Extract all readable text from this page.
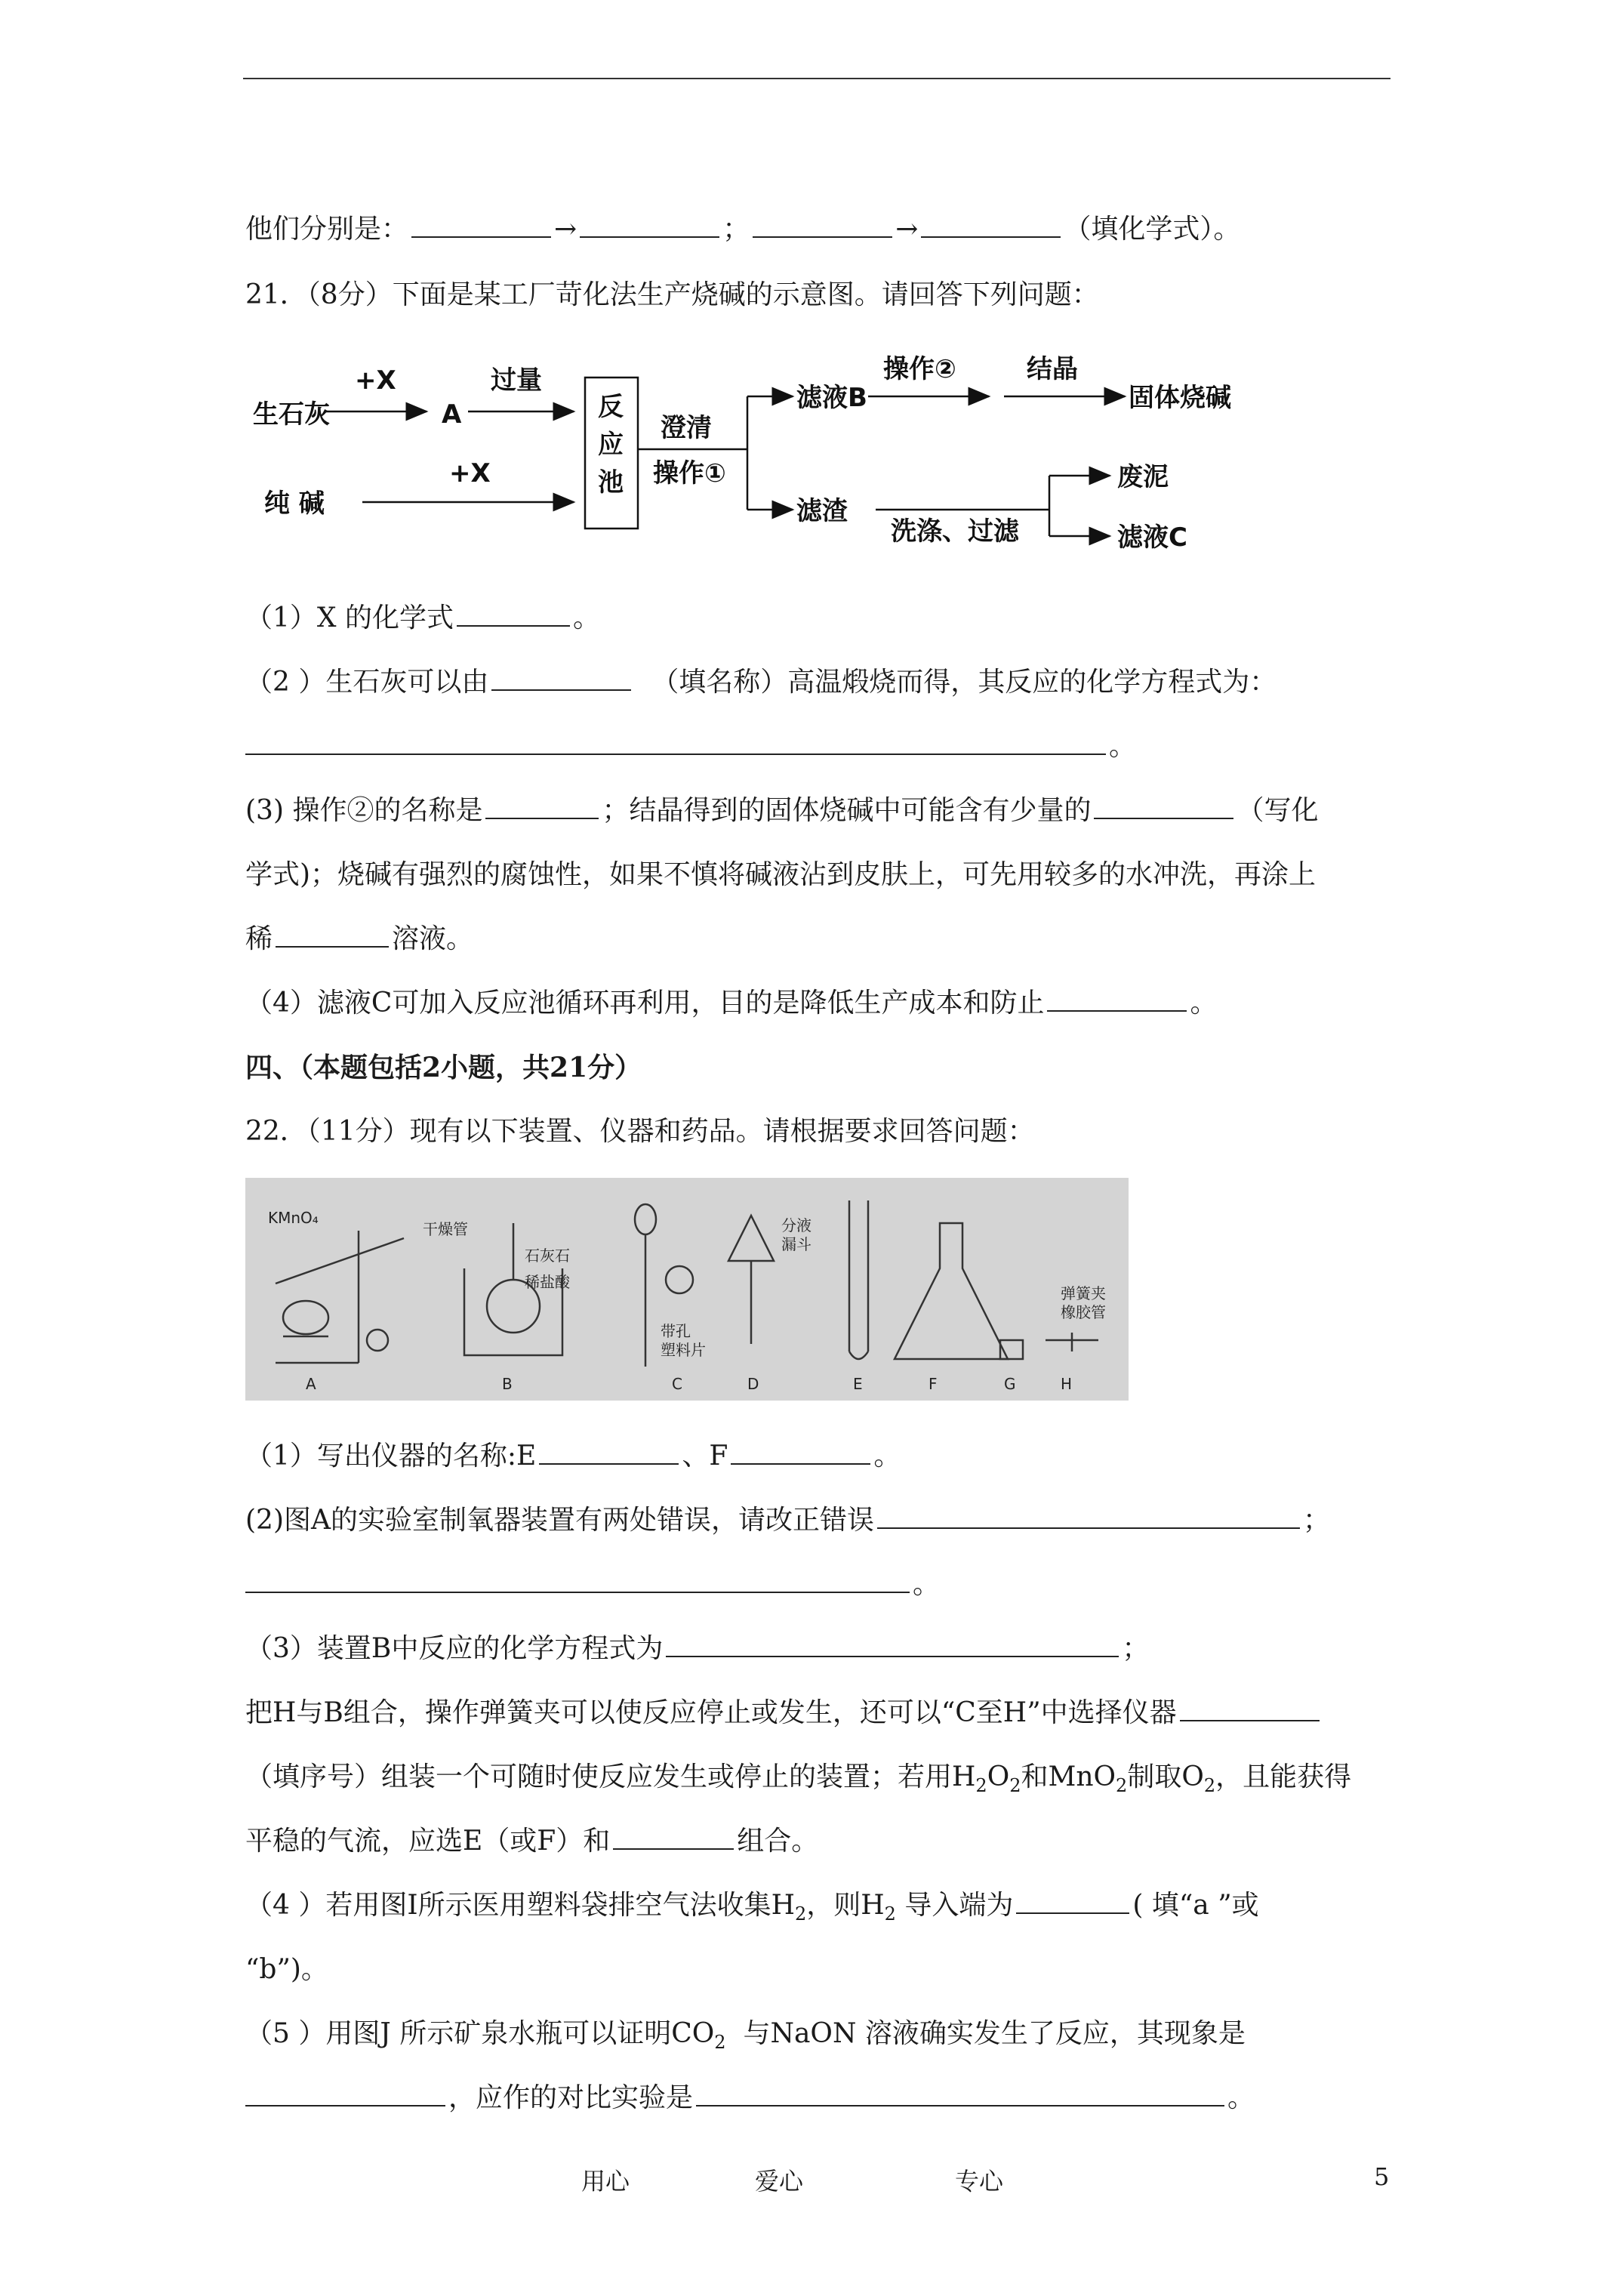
他们分别是：	→	；	→	（填化学式）。
21．（8分）下面是某工厂苛化法生产烧碱的示意图。请回答下列问题：
生石灰
纯 碱
+X
A
过量
+X
反
应
池
澄清
操作①
滤液B
操作②	结晶
固体烧碱
滤渣
洗涤、过滤
废泥
滤液C
（1）X 的化学式	。
（2 ）生石灰可以由	（填名称）高温煅烧而得，其反应的化学方程式为：
。
(3) 操作②的名称是	；结晶得到的固体烧碱中可能含有少量的	（写化
学式)；烧碱有强烈的腐蚀性，如果不慎将碱液沾到皮肤上，可先用较多的水冲洗，再涂上
稀	溶液。
（4）滤液C可加入反应池循环再利用，目的是降低生产成本和防止	。
四、（本题包括2小题，共21分）
22．（11分）现有以下装置、仪器和药品。请根据要求回答问题：
KMnO₄
干燥管
石灰石
稀盐酸
带孔
塑料片
分液
漏斗
弹簧夹
橡胶管
A	B	C	D	E	F	G	H
（1）写出仪器的名称:E	、F	。
(2)图A的实验室制氧器装置有两处错误，请改正错误	；
。
（3）装置B中反应的化学方程式为	；
把H与B组合，操作弹簧夹可以使反应停止或发生，还可以“C至H”中选择仪器
（填序号）组装一个可随时使反应发生或停止的装置；若用$H_2O_2$和MnO$_2$制取$O_2$，且能获得
平稳的气流，应选E（或F）和	组合。
（4 ）若用图I所示医用塑料袋排空气法收集$H_2$，则$H_2$ 导入端为	( 填“a ”或
“b”)。
（5 ）用图J 所示矿泉水瓶可以证明$CO_2$ 与NaON 溶液确实发生了反应，其现象是
，应作的对比实验是	。
用心	爱心	专心	5
